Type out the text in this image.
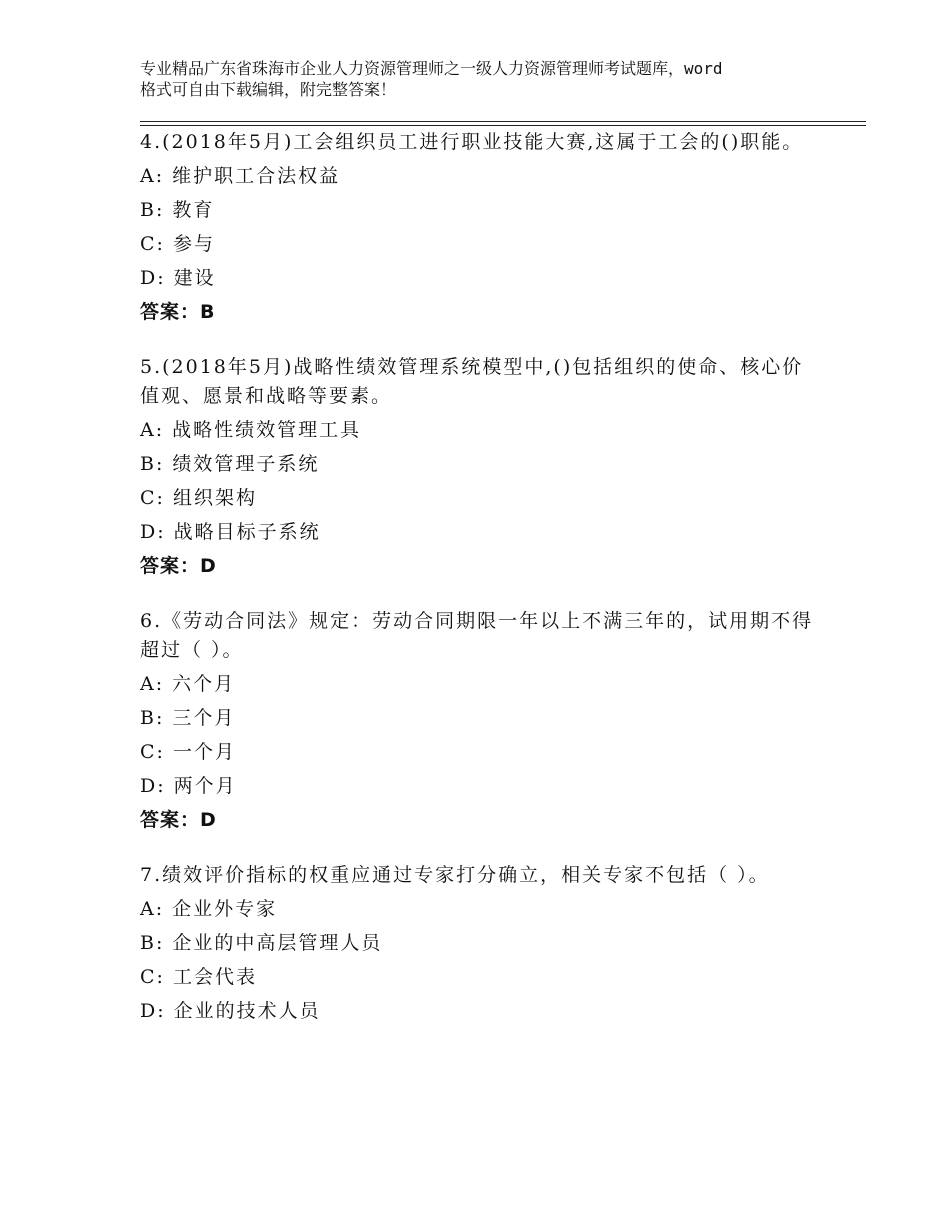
专业精品广东省珠海市企业人力资源管理师之一级人力资源管理师考试题库，word
格式可自由下载编辑，附完整答案！
4.(2018年5月)工会组织员工进行职业技能大赛,这属于工会的()职能。
A: 维护职工合法权益
B: 教育
C: 参与
D: 建设
答案：B
5.(2018年5月)战略性绩效管理系统模型中,()包括组织的使命、核心价值观、愿景和战略等要素。
A: 战略性绩效管理工具
B: 绩效管理子系统
C: 组织架构
D: 战略目标子系统
答案：D
6.《劳动合同法》规定：劳动合同期限一年以上不满三年的，试用期不得超过（ ）。
A: 六个月
B: 三个月
C: 一个月
D: 两个月
答案：D
7.绩效评价指标的权重应通过专家打分确立，相关专家不包括（ ）。
A: 企业外专家
B: 企业的中高层管理人员
C: 工会代表
D: 企业的技术人员
